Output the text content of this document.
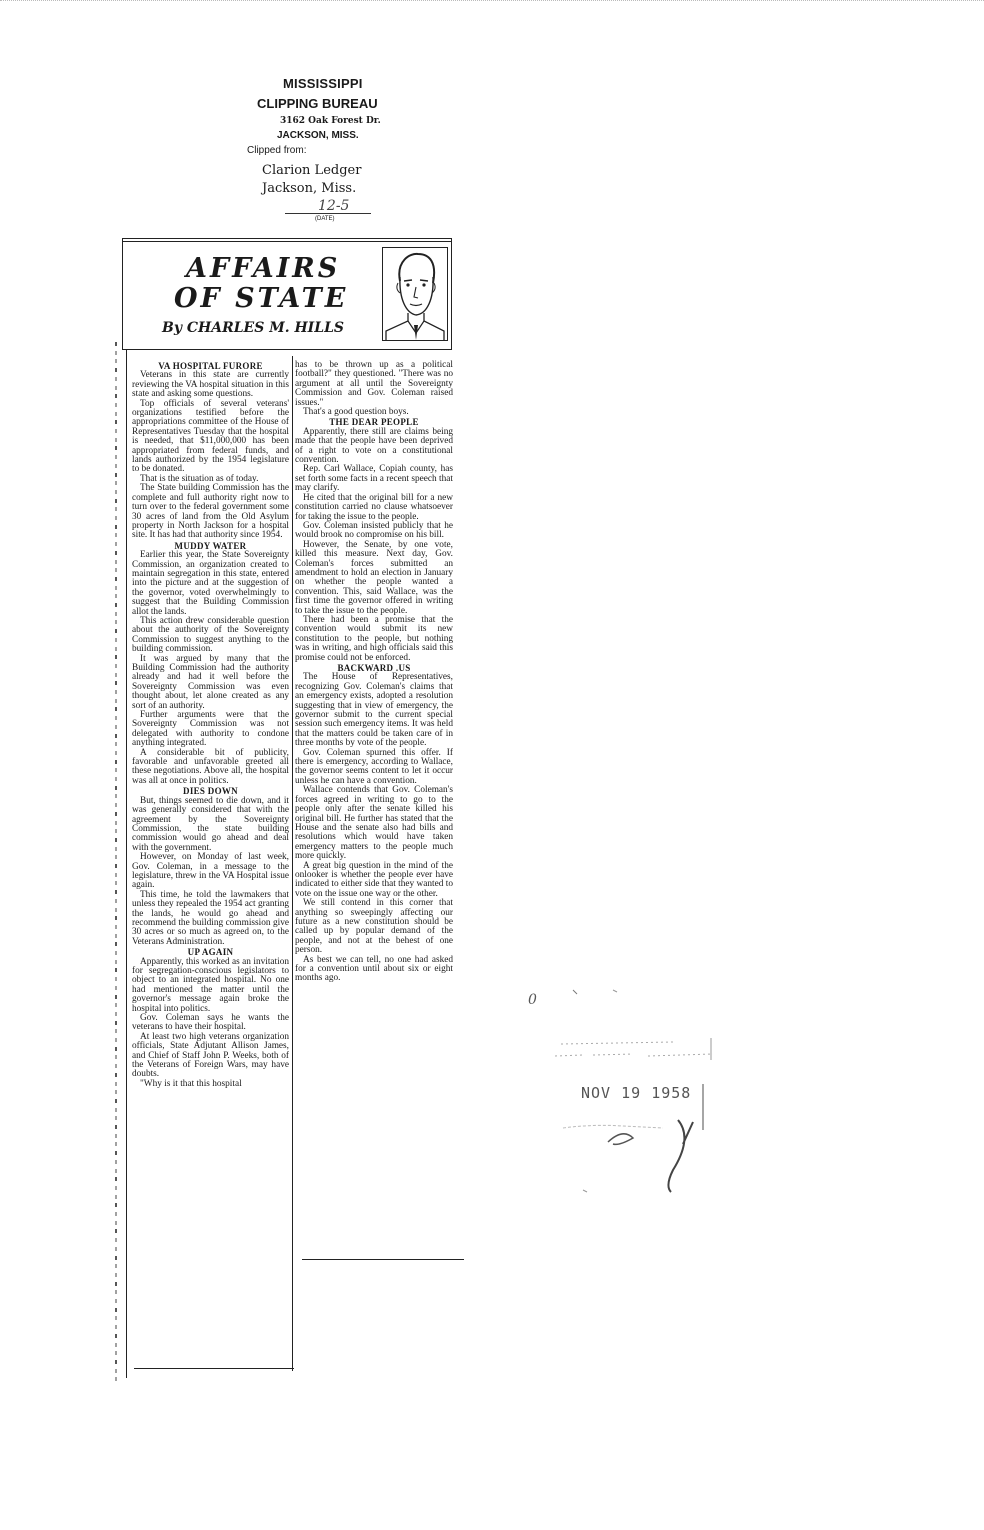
MISSISSIPPI
CLIPPING BUREAU
3162 Oak Forest Dr.
JACKSON, MISS.
Clipped from:
Clarion Ledger
Jackson, Miss.
12-5
(DATE)
AFFAIRS
OF STATE
By CHARLES M. HILLS
VA HOSPITAL FURORE

Veterans in this state are currently reviewing the VA hospital situation in this state and asking some questions.

Top officials of several veterans' organizations testified before the appropriations committee of the House of Representatives Tuesday that the hospital is needed, that $11,000,000 has been appropriated from federal funds, and lands authorized by the 1954 legislature to be donated.

That is the situation as of today.

The State building Commission has the complete and full authority right now to turn over to the federal government some 30 acres of land from the Old Asylum property in North Jackson for a hospital site. It has had that authority since 1954.

MUDDY WATER

Earlier this year, the State Sovereignty Commission, an organization created to maintain segregation in this state, entered into the picture and at the suggestion of the governor, voted overwhelmingly to suggest that the Building Commission allot the lands.

This action drew considerable question about the authority of the Sovereignty Commission to suggest anything to the building commission.

It was argued by many that the Building Commission had the authority already and had it well before the Sovereignty Commission was even thought about, let alone created as any sort of an authority.

Further arguments were that the Sovereignty Commission was not delegated with authority to condone anything integrated.

A considerable bit of publicity, favorable and unfavorable greeted all these negotiations. Above all, the hospital was all at once in politics.

DIES DOWN

But, things seemed to die down, and it was generally considered that with the agreement by the Sovereignty Commission, the state building commission would go ahead and deal with the government.

However, on Monday of last week, Gov. Coleman, in a message to the legislature, threw in the VA Hospital issue again.

This time, he told the lawmakers that unless they repealed the 1954 act granting the lands, he would go ahead and recommend the building commission give 30 acres or so much as agreed on, to the Veterans Administration.

UP AGAIN

Apparently, this worked as an invitation for segregation-conscious legislators to object to an integrated hospital. No one had mentioned the matter until the governor's message again broke the hospital into politics.

Gov. Coleman says he wants the veterans to have their hospital.

At least two high veterans organization officials, State Adjutant Allison James, and Chief of Staff John P. Weeks, both of the Veterans of Foreign Wars, may have doubts.

"Why is it that this hospital

has to be thrown up as a political football?" they questioned. "There was no argument at all until the Sovereignty Commission and Gov. Coleman raised issues."

That's a good question boys.

THE DEAR PEOPLE

Apparently, there still are claims being made that the people have been deprived of a right to vote on a constitutional convention.

Rep. Carl Wallace, Copiah county, has set forth some facts in a recent speech that may clarify.

He cited that the original bill for a new constitution carried no clause whatsoever for taking the issue to the people.

Gov. Coleman insisted publicly that he would brook no compromise on his bill.

However, the Senate, by one vote, killed this measure. Next day, Gov. Coleman's forces submitted an amendment to hold an election in January on whether the people wanted a convention. This, said Wallace, was the first time the governor offered in writing to take the issue to the people.

There had been a promise that the convention would submit its new constitution to the people, but nothing was in writing, and high officials said this promise could not be enforced.

BACKWARD .US

The House of Representatives, recognizing Gov. Coleman's claims that an emergency exists, adopted a resolution suggesting that in view of emergency, the governor submit to the current special session such emergency items. It was held that the matters could be taken care of in three months by vote of the people.

Gov. Coleman spurned this offer. If there is emergency, according to Wallace, the governor seems content to let it occur unless he can have a convention.

Wallace contends that Gov. Coleman's forces agreed in writing to go to the people only after the senate killed his original bill. He further has stated that the House and the senate also had bills and resolutions which would have taken emergency matters to the people much more quickly.

A great big question in the mind of the onlooker is whether the people ever have indicated to either side that they wanted to vote on the issue one way or the other.

We still contend in this corner that anything so sweepingly affecting our future as a new constitution should be called up by popular demand of the people, and not at the behest of one person.

As best we can tell, no one had asked for a convention until about six or eight months ago.

0
NOV 19 1958
